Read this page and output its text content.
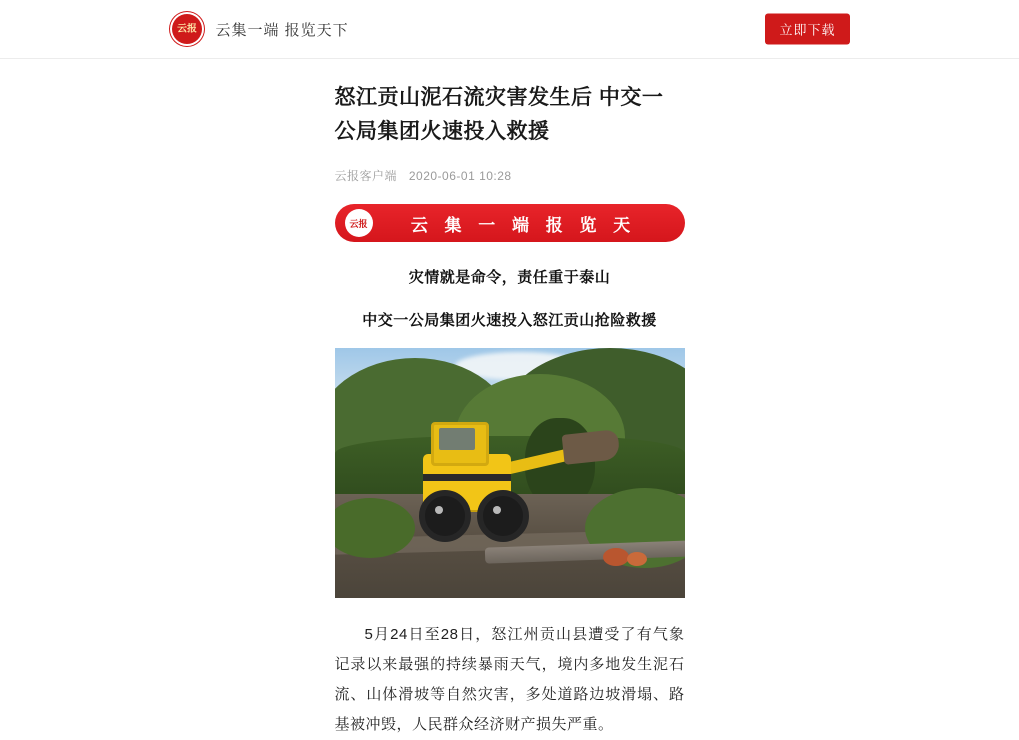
云报 云集一端 报览天下	立即下载
怒江贡山泥石流灾害发生后 中交一公局集团火速投入救援
云报客户端 2020-06-01 10:28
云报	云 集 一 端 报 览 天
灾情就是命令，责任重于泰山
中交一公局集团火速投入怒江贡山抢险救援

5月24日至28日，怒江州贡山县遭受了有气象记录以来最强的持续暴雨天气，境内多地发生泥石流、山体滑坡等自然灾害，多处道路边坡滑塌、路基被冲毁，人民群众经济财产损失严重。
